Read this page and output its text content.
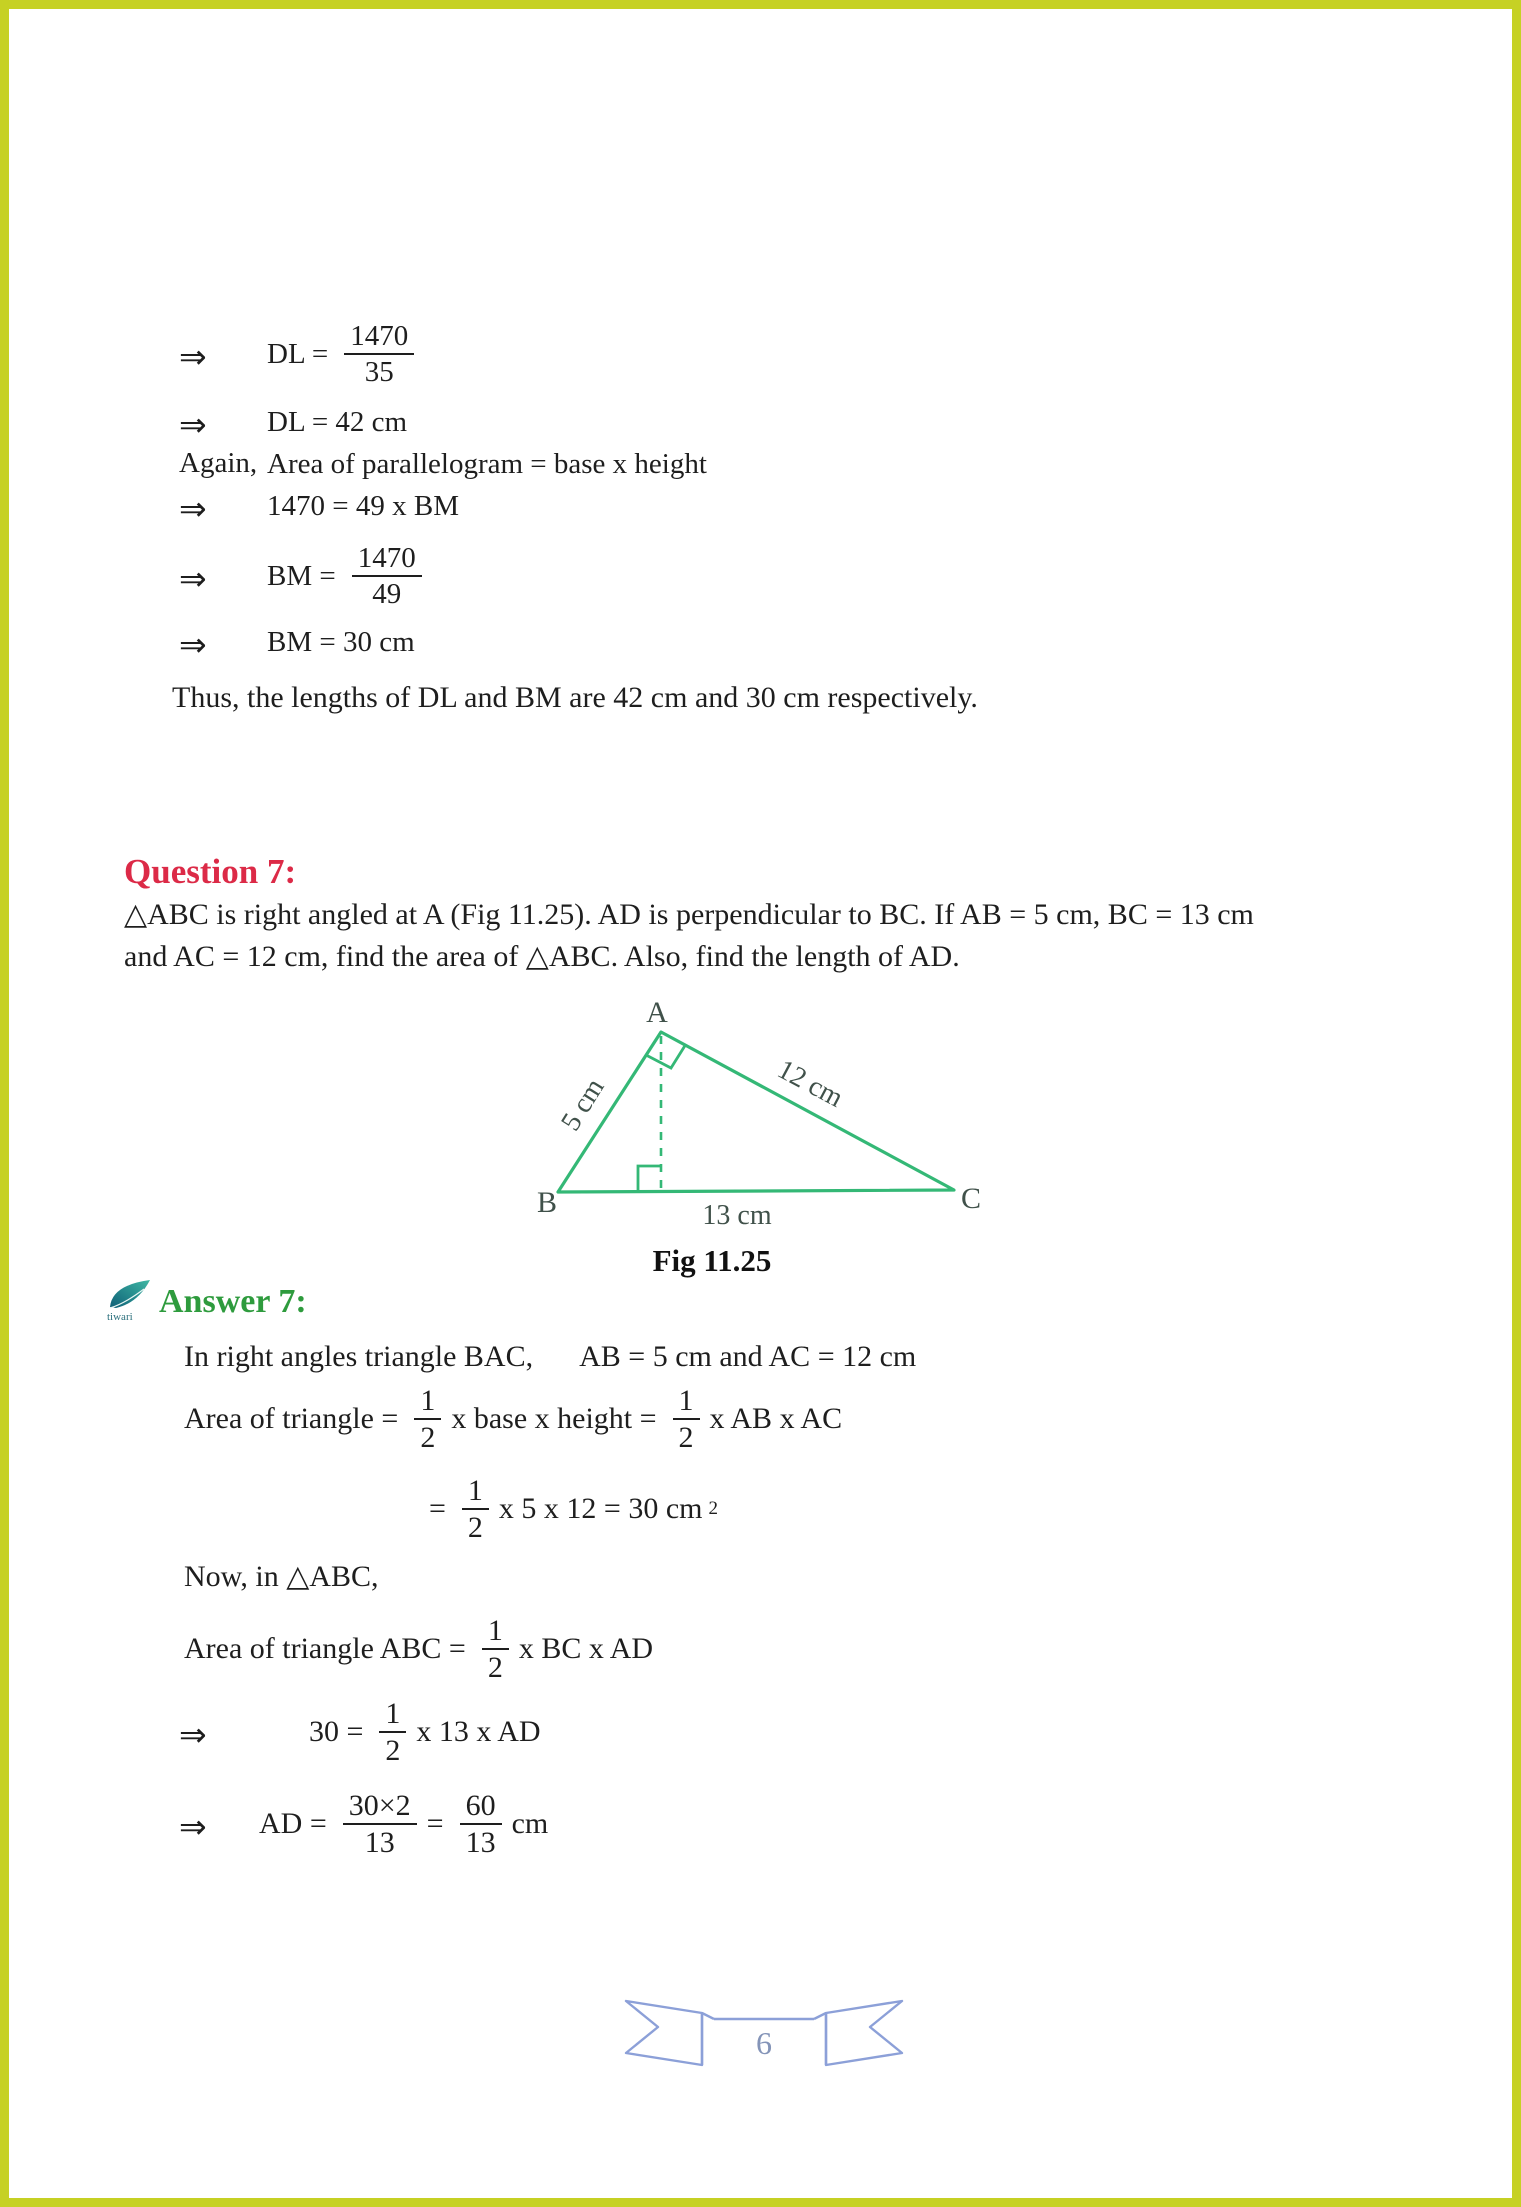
⇒ DL = $\frac{1470}{35}$
⇒ DL = 42 cm
Again, Area of parallelogram = base x height
⇒ 1470 = 49 x BM
⇒ BM = $\frac{1470}{49}$
⇒ BM = 30 cm
Thus, the lengths of DL and BM are 42 cm and 30 cm respectively.
Question 7:
△ABC is right angled at A (Fig 11.25). AD is perpendicular to BC. If AB = 5 cm, BC = 13 cm
and AC = 12 cm, find the area of △ABC. Also, find the length of AD.
A
B	C
5 cm	12 cm
13 cm
Fig 11.25
tiwari Answer 7:
In right angles triangle BAC, AB = 5 cm and AC = 12 cm
Area of triangle = $\frac{1}{2}$ x base x height = $\frac{1}{2}$ x AB x AC
= $\frac{1}{2}$ x 5 x 12 = 30 cm 2
Now, in △ABC,
Area of triangle ABC = $\frac{1}{2}$ x BC x AD
⇒	$30 = \frac{1}{2}$ x 13 x AD
⇒ AD = $\frac{30\times 2}{13} = \frac{60}{13}$ cm
6
